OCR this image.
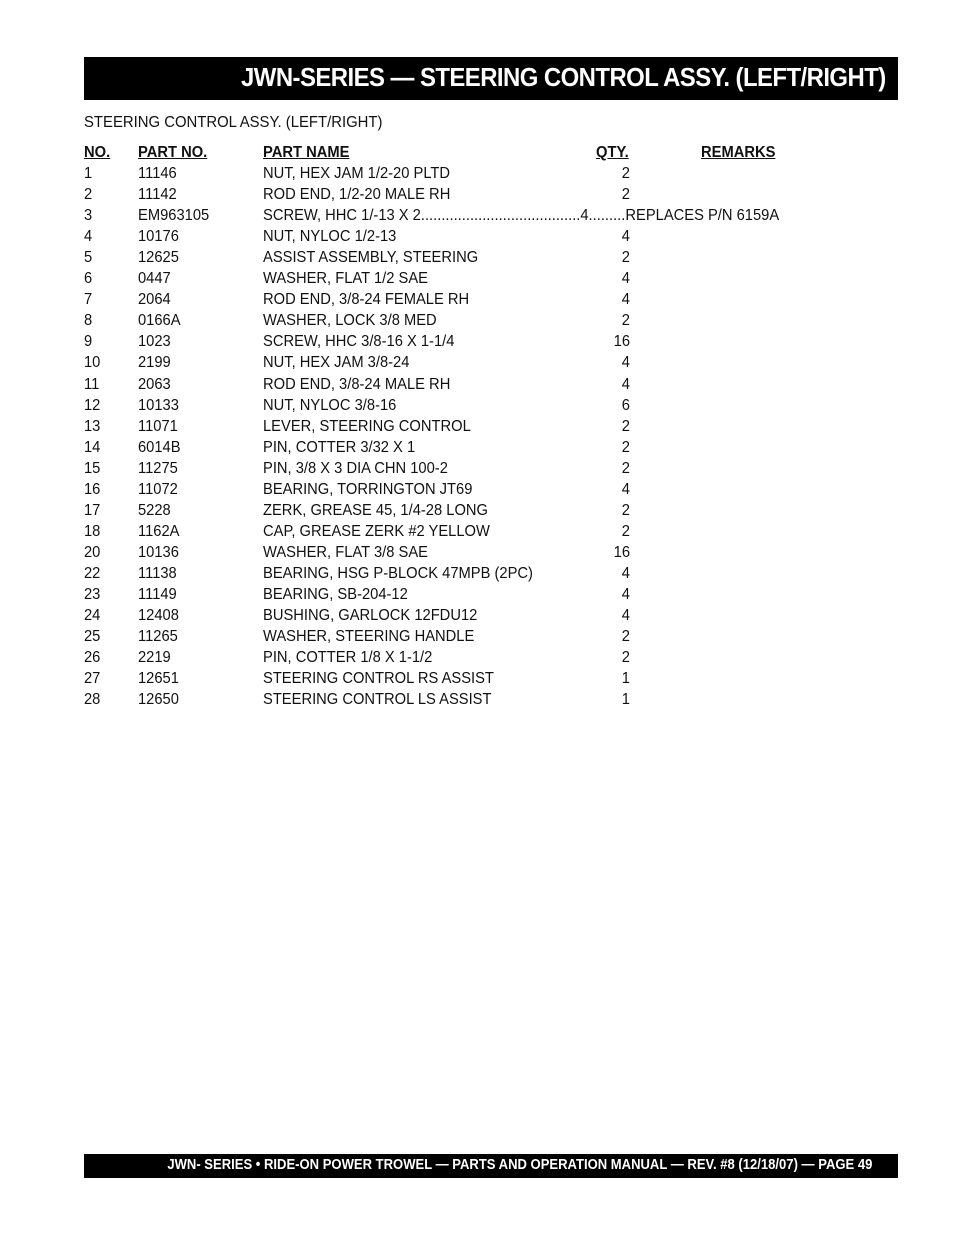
JWN-SERIES — STEERING CONTROL ASSY. (LEFT/RIGHT)
STEERING CONTROL ASSY. (LEFT/RIGHT)
NO. PART NO.	PART NAME	QTY.	REMARKS
1	11146	NUT, HEX JAM 1/2-20 PLTD	2
2	11142	ROD END, 1/2-20 MALE RH	2
3	EM963105	SCREW, HHC 1/-13 X 2.......................................4.........REPLACES P/N 6159A
4	10176	NUT, NYLOC 1/2-13	4
5	12625	ASSIST ASSEMBLY, STEERING	2
6	0447	WASHER, FLAT 1/2 SAE	4
7	2064	ROD END, 3/8-24 FEMALE RH	4
8	0166A	WASHER, LOCK 3/8 MED	2
9	1023	SCREW, HHC 3/8-16 X 1-1/4	16
10 2199	NUT, HEX JAM 3/8-24	4
11 2063	ROD END, 3/8-24 MALE RH	4
12 10133	NUT, NYLOC 3/8-16	6
13 11071	LEVER, STEERING CONTROL	2
14 6014B	PIN, COTTER 3/32 X 1	2
15 11275	PIN, 3/8 X 3 DIA CHN 100-2	2
16 11072	BEARING, TORRINGTON JT69	4
17 5228	ZERK, GREASE 45, 1/4-28 LONG	2
18 1162A	CAP, GREASE ZERK #2 YELLOW	2
20 10136	WASHER, FLAT 3/8 SAE	16
22 11138	BEARING, HSG P-BLOCK 47MPB (2PC)	4
23 11149	BEARING, SB-204-12	4
24 12408	BUSHING, GARLOCK 12FDU12	4
25 11265	WASHER, STEERING HANDLE	2
26 2219	PIN, COTTER 1/8 X 1-1/2	2
27 12651	STEERING CONTROL RS ASSIST	1
28 12650	STEERING CONTROL LS ASSIST	1
JWN- SERIES • RIDE-ON POWER TROWEL — PARTS AND OPERATION MANUAL — REV. #8 (12/18/07) — PAGE 49
